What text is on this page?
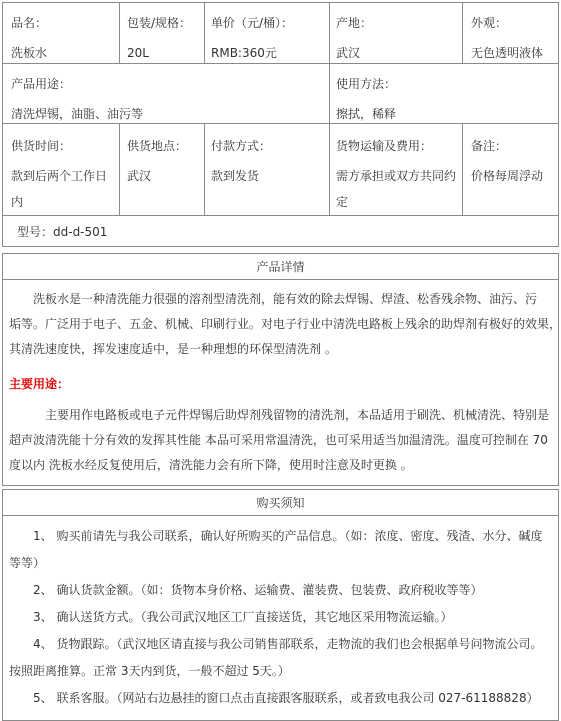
品名：
洗板水
包装/规格：
20L
单价（元/桶）：
RMB:360元
产地：
武汉
外观：
无色透明液体
产品用途：
清洗焊锡，油脂、油污等
使用方法：
擦拭，稀释
供货时间：
款到后两个工作日
内
供货地点：
武汉
付款方式：
款到发货
货物运输及费用：
需方承担或双方共同约
定
备注：
价格每周浮动
型号：dd-d-501
产品详情
洗板水是一种清洗能力很强的溶剂型清洗剂，能有效的除去焊锡、焊渣、松香残余物、油污、污
垢等。广泛用于电子、五金、机械、印刷行业。对电子行业中清洗电路板上残余的助焊剂有极好的效果，
其清洗速度快，挥发速度适中，是一种理想的环保型清洗剂 。
主要用途：
主要用作电路板或电子元件焊锡后助焊剂残留物的清洗剂，本品适用于刷洗、机械清洗、特别是
超声波清洗能十分有效的发挥其性能 本品可采用常温清洗，也可采用适当加温清洗。温度可控制在 70
度以内 洗板水经反复使用后，清洗能力会有所下降，使用时注意及时更换 。
购买须知
1、 购买前请先与我公司联系，确认好所购买的产品信息。（如：浓度、密度、残渣、水分、碱度
等等）
2、 确认货款金额。（如：货物本身价格、运输费、灌装费、包装费、政府税收等等）
3、 确认送货方式。（我公司武汉地区工厂直接送货，其它地区采用物流运输。）
4、 货物跟踪。（武汉地区请直接与我公司销售部联系，走物流的我们也会根据单号问物流公司。
按照距离推算。正常 3天内到货，一般不超过 5天。）
5、 联系客服。（网站右边悬挂的窗口点击直接跟客服联系，或者致电我公司 027-61188828）
